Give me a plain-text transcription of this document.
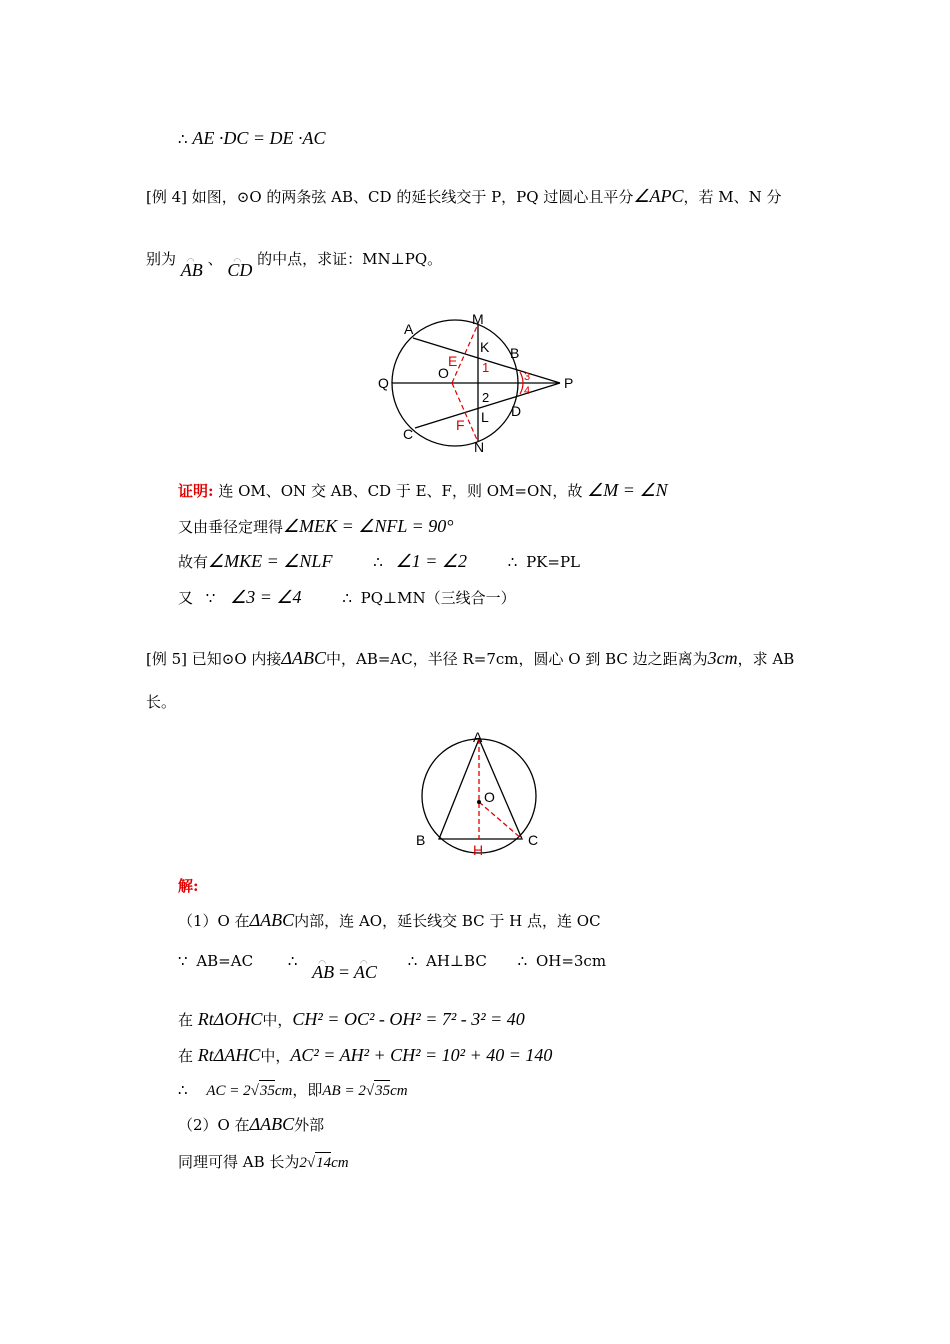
∴ AE ·DC = DE ·AC
[例 4] 如图，⊙O 的两条弦 AB、CD 的延长线交于 P，PQ 过圆心且平分∠APC，若 M、N 分
别为 ◠ AB 、 ◠ CD 的中点，求证：MN⊥PQ。
A
M
K B
E
O	1
3
Q	P
2	4
L D
C
F
N
证明: 连 OM、ON 交 AB、CD 于 E、F，则 OM=ON，故 ∠M = ∠N
又由垂径定理得∠MEK = ∠NFL = 90°
故有∠MKE = ∠NLF	∴ ∠1 = ∠2	∴ PK=PL
又 ∵ ∠3 = ∠4	∴ PQ⊥MN（三线合一）
[例 5] 已知⊙O 内接ΔABC中，AB=AC，半径 R=7cm，圆心 O 到 BC 边之距离为3cm，求 AB
长。
A
O
B
H
C
解:
（1）O 在ΔABC内部，连 AO，延长线交 BC 于 H 点，连 OC
∵ AB=AC ∴ ◠ AB = ◠ AC ∴ AH⊥BC ∴ OH=3cm
在 RtΔOHC中，CH² = OC² - OH² = 7² - 3² = 40
在 RtΔAHC中，AC² = AH² + CH² = 10² + 40 = 140
∴ AC = 2√35cm，即AB = 2√35cm
（2）O 在ΔABC外部
同理可得 AB 长为2√14cm
